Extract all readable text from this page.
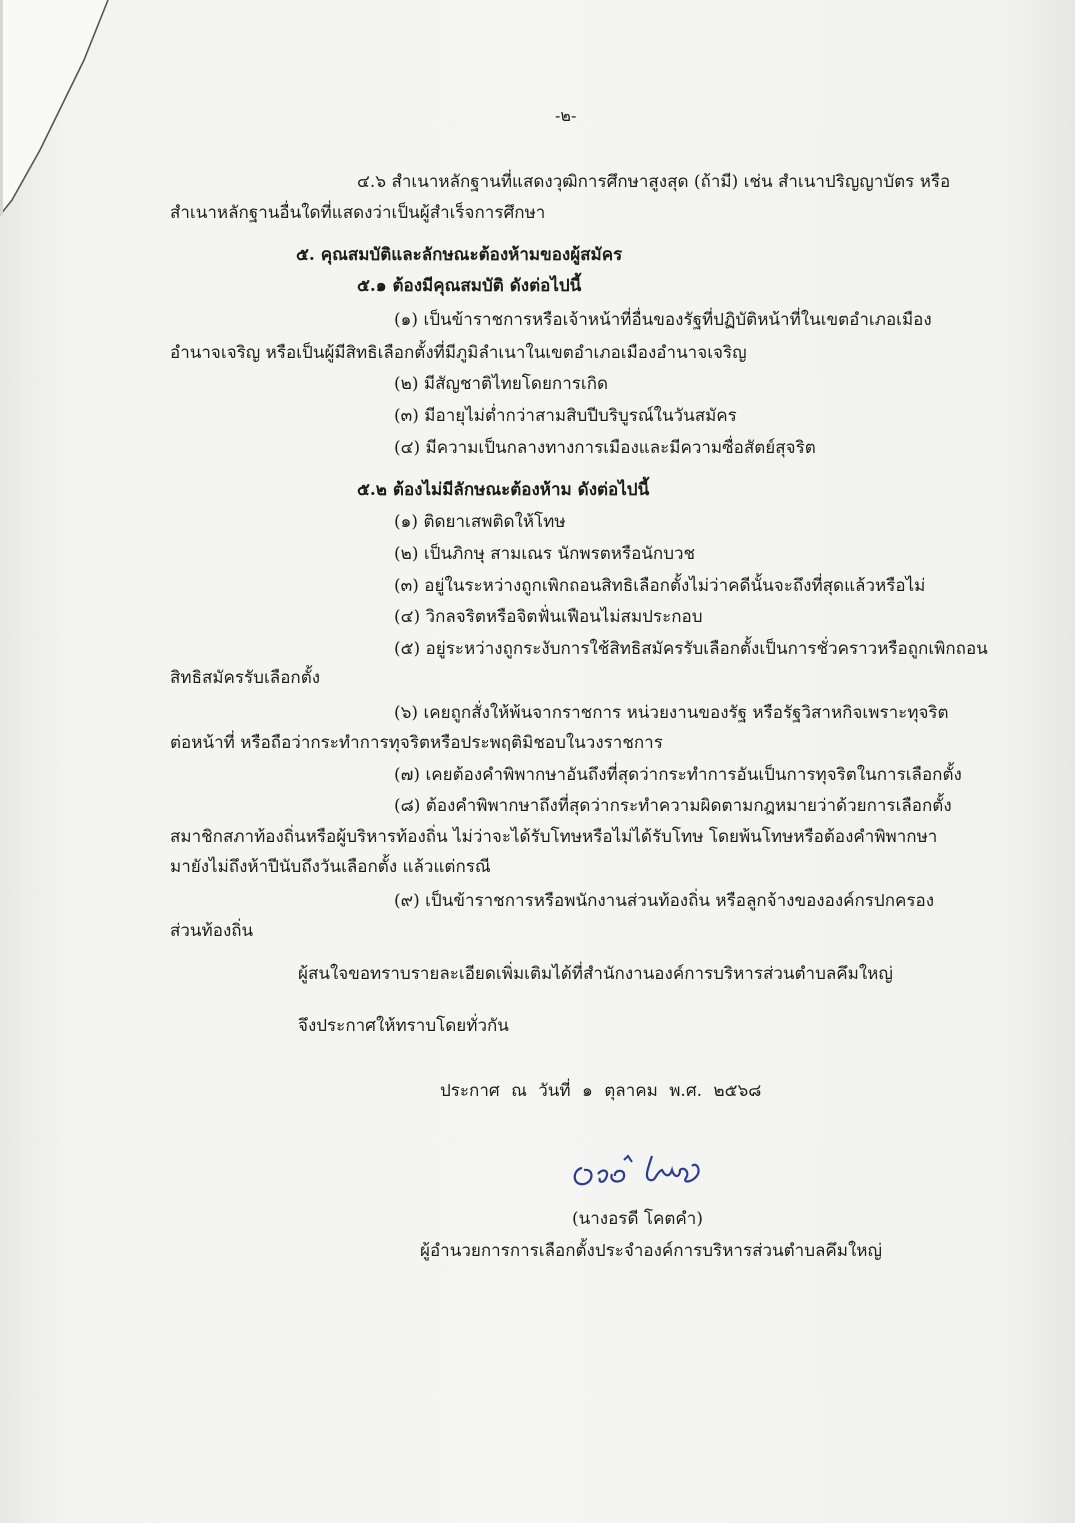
-๒-
๔.๖ สำเนาหลักฐานที่แสดงวุฒิการศึกษาสูงสุด (ถ้ามี) เช่น สำเนาปริญญาบัตร หรือ
สำเนาหลักฐานอื่นใดที่แสดงว่าเป็นผู้สำเร็จการศึกษา
๕. คุณสมบัติและลักษณะต้องห้ามของผู้สมัคร
๕.๑ ต้องมีคุณสมบัติ ดังต่อไปนี้
(๑) เป็นข้าราชการหรือเจ้าหน้าที่อื่นของรัฐที่ปฏิบัติหน้าที่ในเขตอำเภอเมือง
อำนาจเจริญ หรือเป็นผู้มีสิทธิเลือกตั้งที่มีภูมิลำเนาในเขตอำเภอเมืองอำนาจเจริญ
(๒) มีสัญชาติไทยโดยการเกิด
(๓) มีอายุไม่ต่ำกว่าสามสิบปีบริบูรณ์ในวันสมัคร
(๔) มีความเป็นกลางทางการเมืองและมีความซื่อสัตย์สุจริต
๕.๒ ต้องไม่มีลักษณะต้องห้าม ดังต่อไปนี้
(๑) ติดยาเสพติดให้โทษ
(๒) เป็นภิกษุ สามเณร นักพรตหรือนักบวช
(๓) อยู่ในระหว่างถูกเพิกถอนสิทธิเลือกตั้งไม่ว่าคดีนั้นจะถึงที่สุดแล้วหรือไม่
(๔) วิกลจริตหรือจิตฟั่นเฟือนไม่สมประกอบ
(๕) อยู่ระหว่างถูกระงับการใช้สิทธิสมัครรับเลือกตั้งเป็นการชั่วคราวหรือถูกเพิกถอน
สิทธิสมัครรับเลือกตั้ง
(๖) เคยถูกสั่งให้พ้นจากราชการ หน่วยงานของรัฐ หรือรัฐวิสาหกิจเพราะทุจริต
ต่อหน้าที่ หรือถือว่ากระทำการทุจริตหรือประพฤติมิชอบในวงราชการ
(๗) เคยต้องคำพิพากษาอันถึงที่สุดว่ากระทำการอันเป็นการทุจริตในการเลือกตั้ง
(๘) ต้องคำพิพากษาถึงที่สุดว่ากระทำความผิดตามกฎหมายว่าด้วยการเลือกตั้ง
สมาชิกสภาท้องถิ่นหรือผู้บริหารท้องถิ่น ไม่ว่าจะได้รับโทษหรือไม่ได้รับโทษ โดยพ้นโทษหรือต้องคำพิพากษา
มายังไม่ถึงห้าปีนับถึงวันเลือกตั้ง แล้วแต่กรณี
(๙) เป็นข้าราชการหรือพนักงานส่วนท้องถิ่น หรือลูกจ้างขององค์กรปกครอง
ส่วนท้องถิ่น
ผู้สนใจขอทราบรายละเอียดเพิ่มเติมได้ที่สำนักงานองค์การบริหารส่วนตำบลคึมใหญ่
จึงประกาศให้ทราบโดยทั่วกัน
ประกาศ ณ วันที่ ๑ ตุลาคม พ.ศ. ๒๕๖๘
(นางอรดี โคตคำ)
ผู้อำนวยการการเลือกตั้งประจำองค์การบริหารส่วนตำบลคึมใหญ่
